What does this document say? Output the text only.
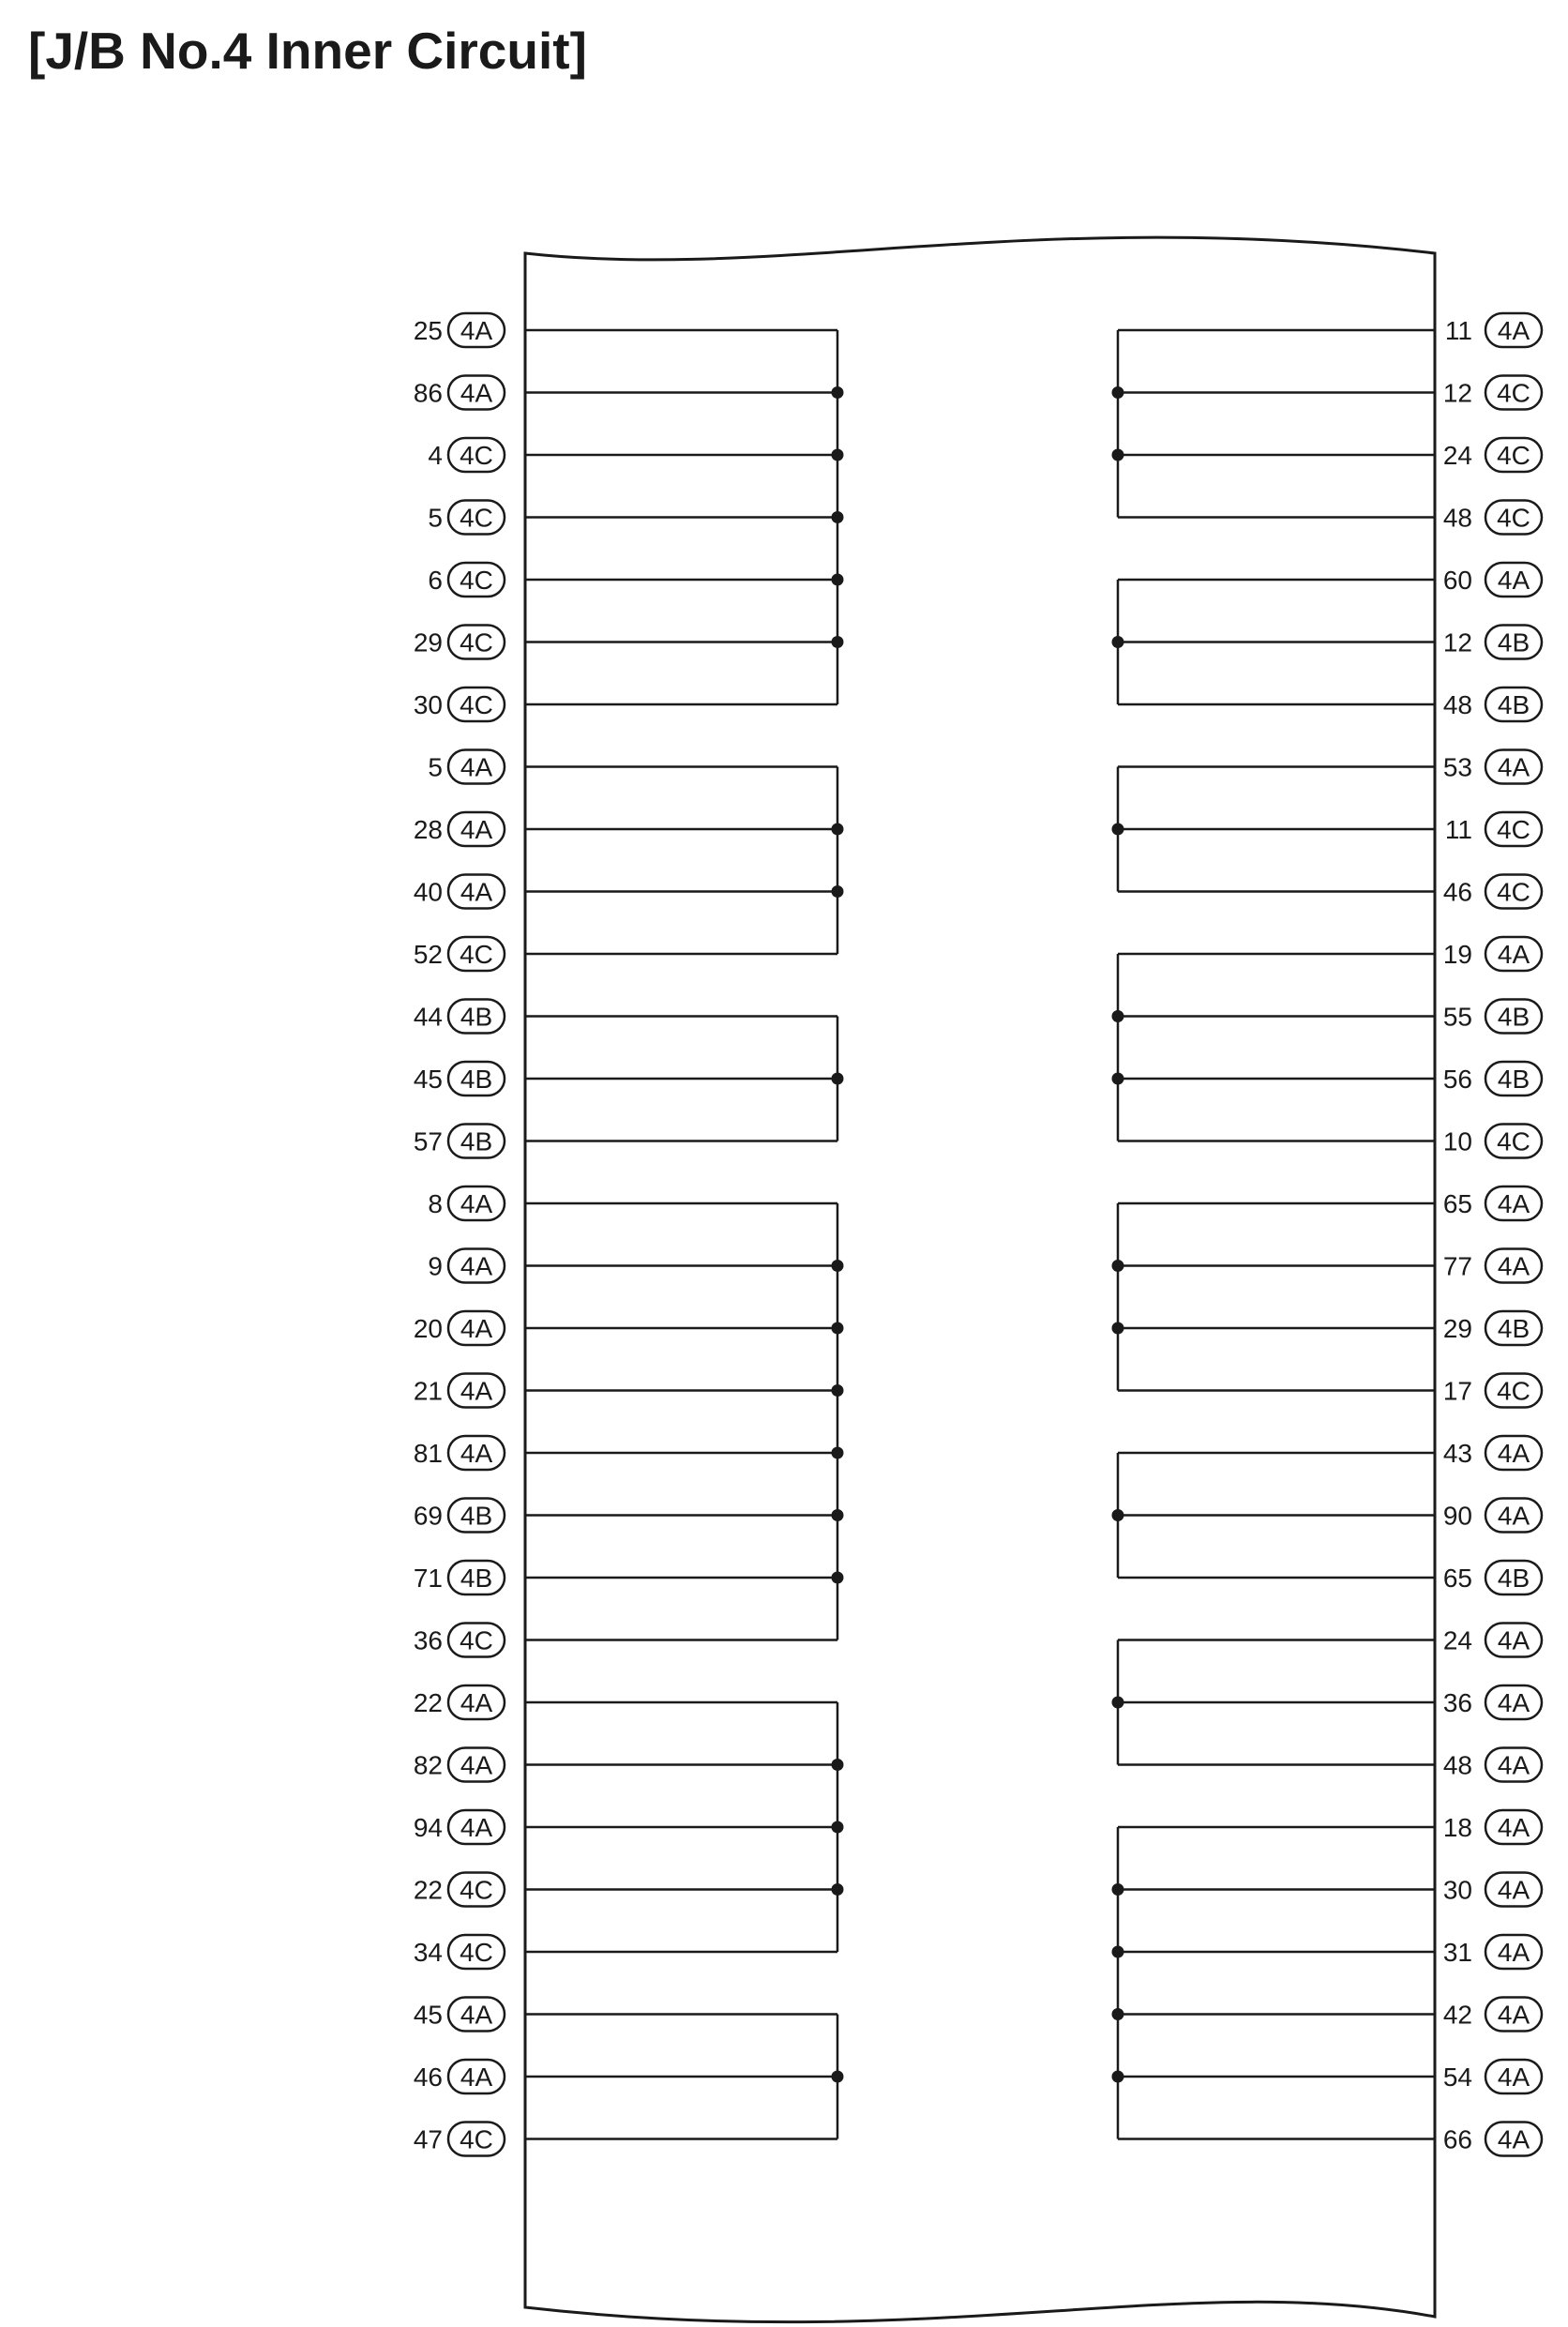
[J/B No.4 Inner Circuit]
25 4A
86 4A
4 4C
5 4C
6 4C
29 4C
30 4C
5 4A
28 4A
40 4A
52 4C
44 4B
45 4B
57 4B
8 4A
9 4A
20 4A
21 4A
81 4A
69 4B
71 4B
36 4C
22 4A
82 4A
94 4A
22 4C
34 4C
45 4A
46 4A
47 4C
11 4A
12 4C
24 4C
48 4C
60 4A
12 4B
48 4B
53 4A
11 4C
46 4C
19 4A
55 4B
56 4B
10 4C
65 4A
77 4A
29 4B
17 4C
43 4A
90 4A
65 4B
24 4A
36 4A
48 4A
18 4A
30 4A
31 4A
42 4A
54 4A
66 4A
